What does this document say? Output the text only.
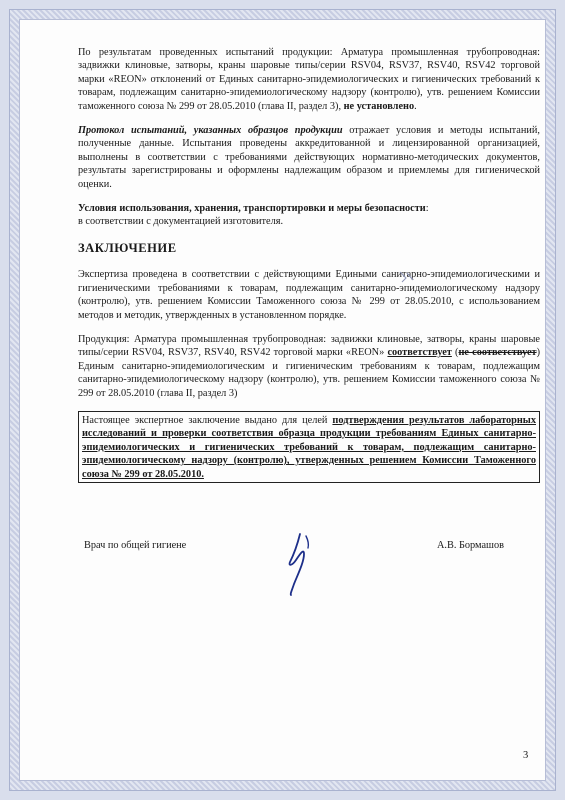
По результатам проведенных испытаний продукции: Арматура промышленная трубопроводная: задвижки клиновые, затворы, краны шаровые типы/серии RSV04, RSV37, RSV40, RSV42 торговой марки «REON» отклонений от Единых санитарно-эпидемиологических и гигиенических требований к товарам, подлежащим санитарно-эпидемиологическому надзору (контролю), утв. решением Комиссии таможенного союза № 299 от 28.05.2010 (глава II, раздел 3), не установлено.

Протокол испытаний, указанных образцов продукции отражает условия и методы испытаний, полученные данные. Испытания проведены аккредитованной и лицензированной организацией, выполнены в соответствии с требованиями действующих нормативно-методических документов, результаты зарегистрированы и оформлены надлежащим образом и приемлемы для гигиенической оценки.

Условия использования, хранения, транспортировки и меры безопасности:
в соответствии с документацией изготовителя.

ЗАКЛЮЧЕНИЕ

Экспертиза проведена в соответствии с действующими Едиными санитарно-эпидемиологическими и гигиеническими требованиями к товарам, подлежащим санитарно-эпидемиологическому надзору (контролю), утв. решением Комиссии Таможенного союза № 299 от 28.05.2010, с использованием методов и методик, утвержденных в установленном порядке.

Продукция: Арматура промышленная трубопроводная: задвижки клиновые, затворы, краны шаровые типы/серии RSV04, RSV37, RSV40, RSV42 торговой марки «REON» соответствует (не соответствует) Единым санитарно-эпидемиологическим и гигиеническим требованиям к товарам, подлежащим санитарно-эпидемиологическому надзору (контролю), утв. решением Комиссии таможенного союза № 299 от 28.05.2010 (глава II, раздел 3)

Настоящее экспертное заключение выдано для целей подтверждения результатов лабораторных исследований и проверки соответствия образца продукции требованиям Единых санитарно-эпидемиологических и гигиенических требований к товарам, подлежащим санитарно-эпидемиологическому надзору (контролю), утвержденных решением Комиссии Таможенного союза № 299 от 28.05.2010.

Врач по общей гигиене	А.В. Бормашов
3
